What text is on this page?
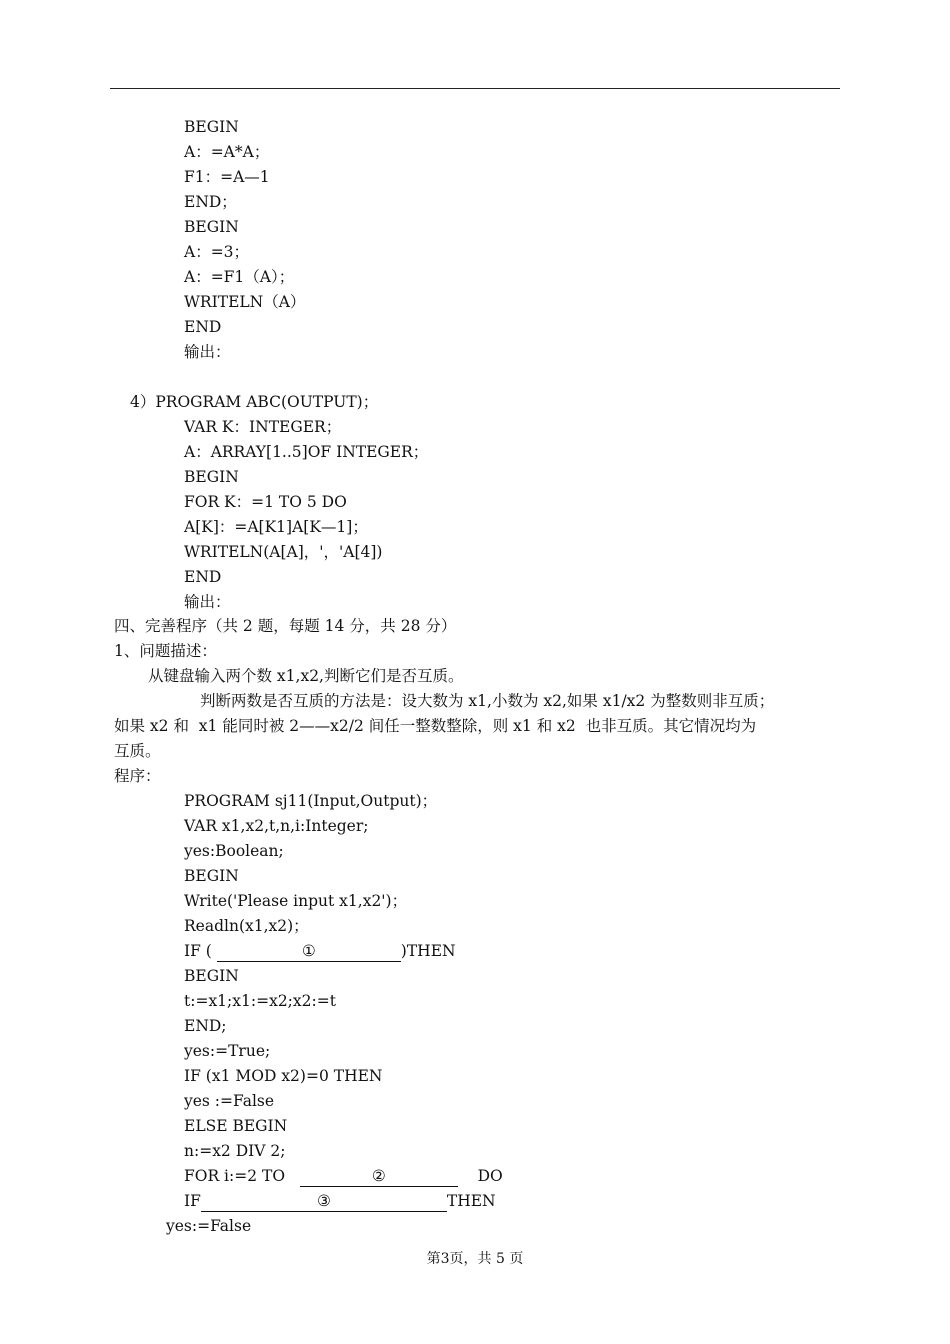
BEGIN
A：=A*A；
F1：=A—1
END；
BEGIN
A：=3；
A：=F1（A）；
WRITELN（A）
END
输出：
4）PROGRAM ABC(OUTPUT)；
VAR K：INTEGER；
A：ARRAY[1..5]OF INTEGER；
BEGIN
FOR K：=1 TO 5 DO
A[K]：=A[K1]A[K—1]；
WRITELN(A[A]，'，'A[4])
END
输出：
四、完善程序（共 2 题，每题 14 分，共 28 分）
1、问题描述：
从键盘输入两个数 x1,x2,判断它们是否互质。
判断两数是否互质的方法是：设大数为 x1,小数为 x2,如果 x1/x2 为整数则非互质；
如果 x2 和  x1 能同时被 2——x2/2 间任一整数整除，则 x1 和 x2  也非互质。其它情况均为
互质。
程序：
PROGRAM sj11(Input,Output)；
VAR x1,x2,t,n,i:Integer;
yes:Boolean;
BEGIN
Write('Please input x1,x2')；
Readln(x1,x2)；
IF (	①	)THEN
BEGIN
t:=x1;x1:=x2;x2:=t
END;
yes:=True;
IF (x1 MOD x2)=0 THEN
yes :=False
ELSE BEGIN
n:=x2 DIV 2;
FOR i:=2 TO	②	DO
IF	③	THEN
yes:=False
第3页，共 5 页
